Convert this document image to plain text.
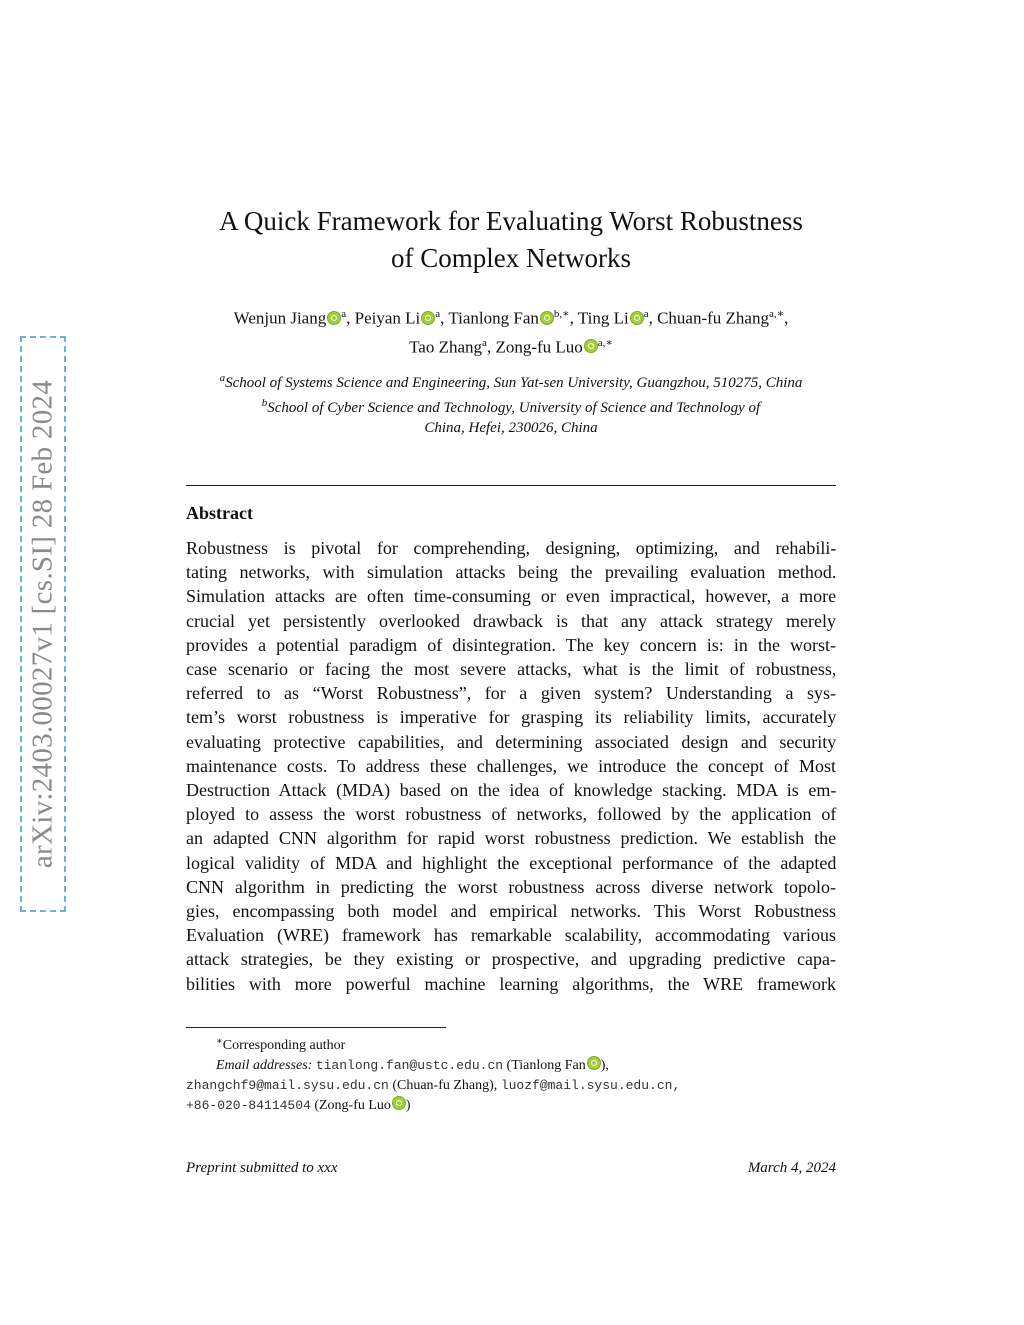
arXiv:2403.00027v1 [cs.SI] 28 Feb 2024
A Quick Framework for Evaluating Worst Robustness
of Complex Networks
Wenjun Jiang $^a$, Peiyan Li $^a$, Tianlong Fan $^{b,∗}$, Ting Li $^a$, Chuan-fu Zhang$^{a,∗}$,
Tao Zhang$^a$, Zong-fu Luo $^{a,∗}$

$^a$School of Systems Science and Engineering, Sun Yat-sen University, Guangzhou, 510275, China

$^b$School of Cyber Science and Technology, University of Science and Technology of

China, Hefei, 230026, China

Abstract
Robustness is pivotal for comprehending, designing, optimizing, and rehabili-
tating networks, with simulation attacks being the prevailing evaluation method.
Simulation attacks are often time-consuming or even impractical, however, a more
crucial yet persistently overlooked drawback is that any attack strategy merely
provides a potential paradigm of disintegration. The key concern is: in the worst-
case scenario or facing the most severe attacks, what is the limit of robustness,
referred to as “Worst Robustness”, for a given system? Understanding a sys-
tem’s worst robustness is imperative for grasping its reliability limits, accurately
evaluating protective capabilities, and determining associated design and security
maintenance costs. To address these challenges, we introduce the concept of Most
Destruction Attack (MDA) based on the idea of knowledge stacking. MDA is em-
ployed to assess the worst robustness of networks, followed by the application of
an adapted CNN algorithm for rapid worst robustness prediction. We establish the
logical validity of MDA and highlight the exceptional performance of the adapted
CNN algorithm in predicting the worst robustness across diverse network topolo-
gies, encompassing both model and empirical networks. This Worst Robustness
Evaluation (WRE) framework has remarkable scalability, accommodating various
attack strategies, be they existing or prospective, and upgrading predictive capa-
bilities with more powerful machine learning algorithms, the WRE framework

∗Corresponding author

Email addresses: tianlong.fan@ustc.edu.cn (Tianlong Fan ),

zhangchf9@mail.sysu.edu.cn (Chuan-fu Zhang), luozf@mail.sysu.edu.cn,

+86-020-84114504 (Zong-fu Luo )

Preprint submitted to xxx	March 4, 2024
